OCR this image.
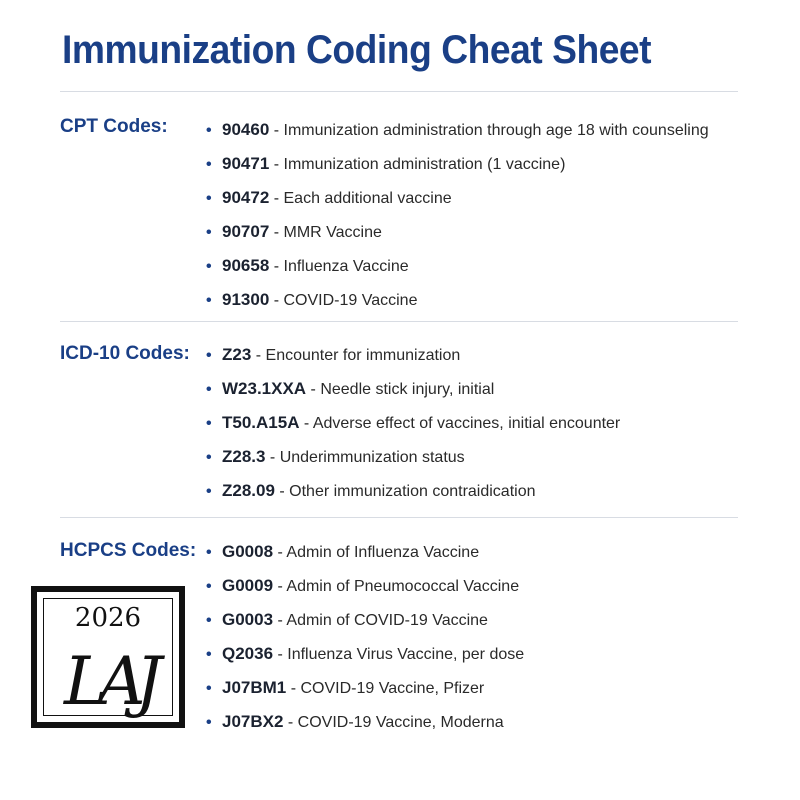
Immunization Coding Cheat Sheet
CPT Codes: • 90460 - Immunization administration through age 18 with counseling
• 90471 - Immunization administration (1 vaccine)
• 90472 - Each additional vaccine
• 90707 - MMR Vaccine
• 90658 - Influenza Vaccine
• 91300 - COVID-19 Vaccine
ICD-10 Codes: • Z23 - Encounter for immunization
• W23.1XXA - Needle stick injury, initial
• T50.A15A - Adverse effect of vaccines, initial encounter
• Z28.3 - Underimmunization status
• Z28.09 - Other immunization contraidication
HCPCS Codes: • G0008 - Admin of Influenza Vaccine
• G0009 - Admin of Pneumococcal Vaccine
• G0003 - Admin of COVID-19 Vaccine
• Q2036 - Influenza Virus Vaccine, per dose
• J07BM1 - COVID-19 Vaccine, Pfizer
• J07BX2 - COVID-19 Vaccine, Moderna
2026
LAJ
